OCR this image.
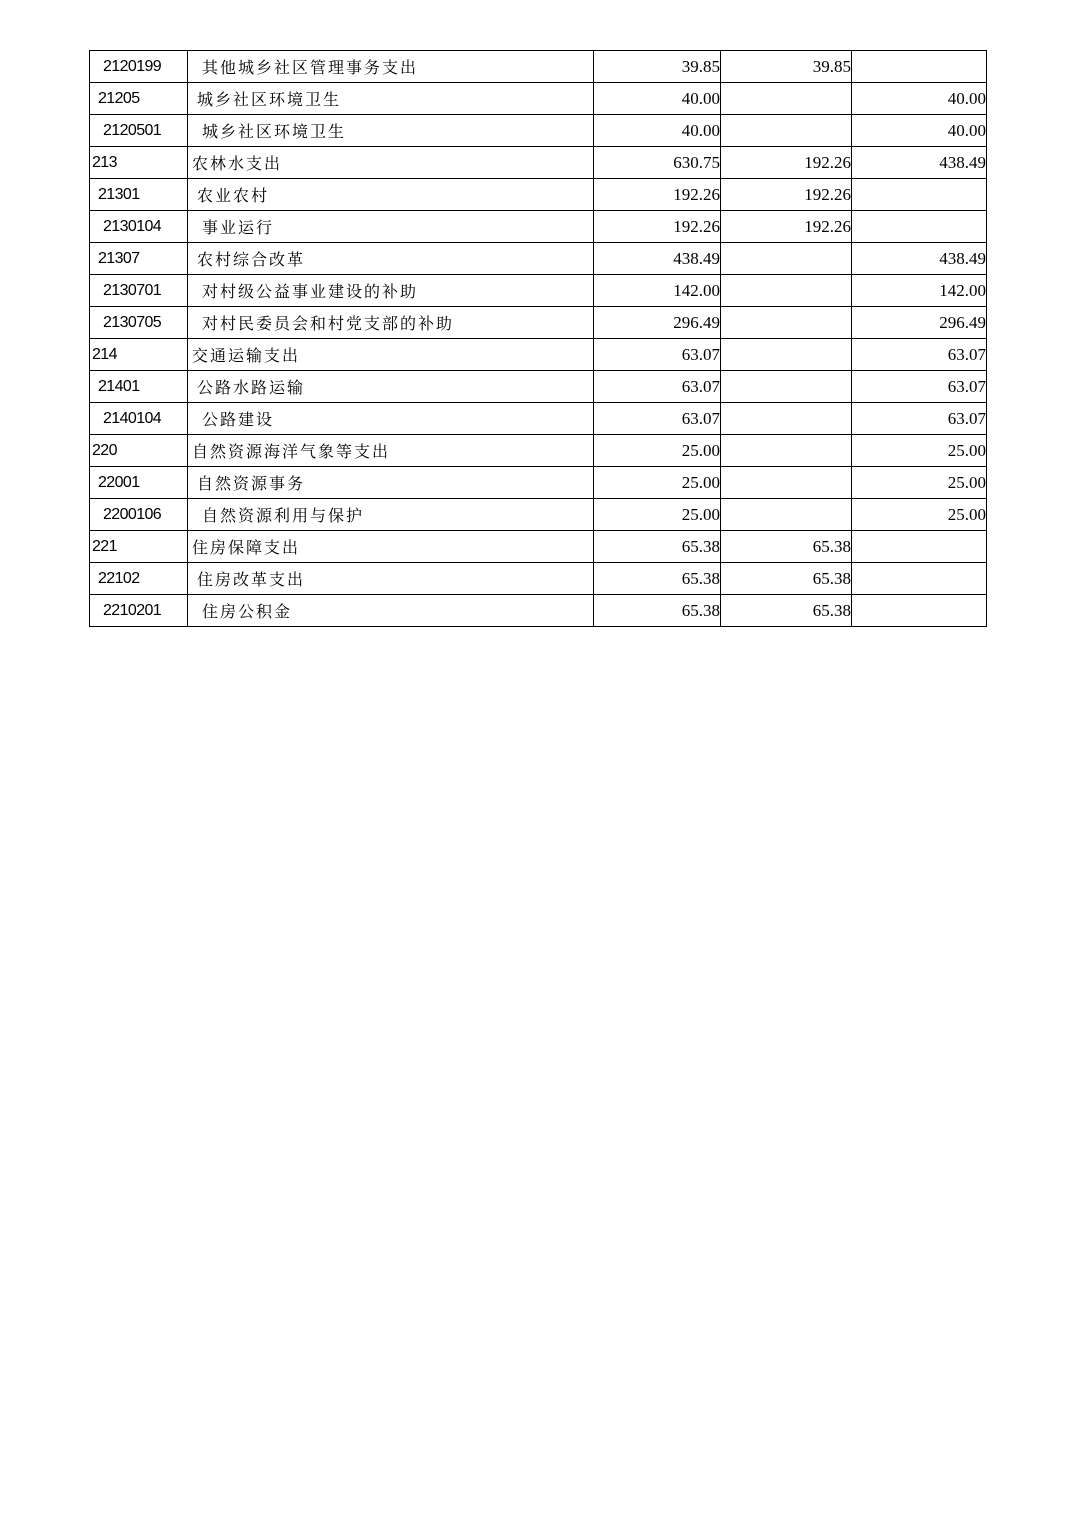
2120199	其他城乡社区管理事务支出	39.85	39.85	
21205	城乡社区环境卫生	40.00		40.00
2120501	城乡社区环境卫生	40.00		40.00
213	农林水支出	630.75	192.26	438.49
21301	农业农村	192.26	192.26	
2130104	事业运行	192.26	192.26	
21307	农村综合改革	438.49		438.49
2130701	对村级公益事业建设的补助	142.00		142.00
2130705	对村民委员会和村党支部的补助	296.49		296.49
214	交通运输支出	63.07		63.07
21401	公路水路运输	63.07		63.07
2140104	公路建设	63.07		63.07
220	自然资源海洋气象等支出	25.00		25.00
22001	自然资源事务	25.00		25.00
2200106	自然资源利用与保护	25.00		25.00
221	住房保障支出	65.38	65.38	
22102	住房改革支出	65.38	65.38	
2210201	住房公积金	65.38	65.38	
